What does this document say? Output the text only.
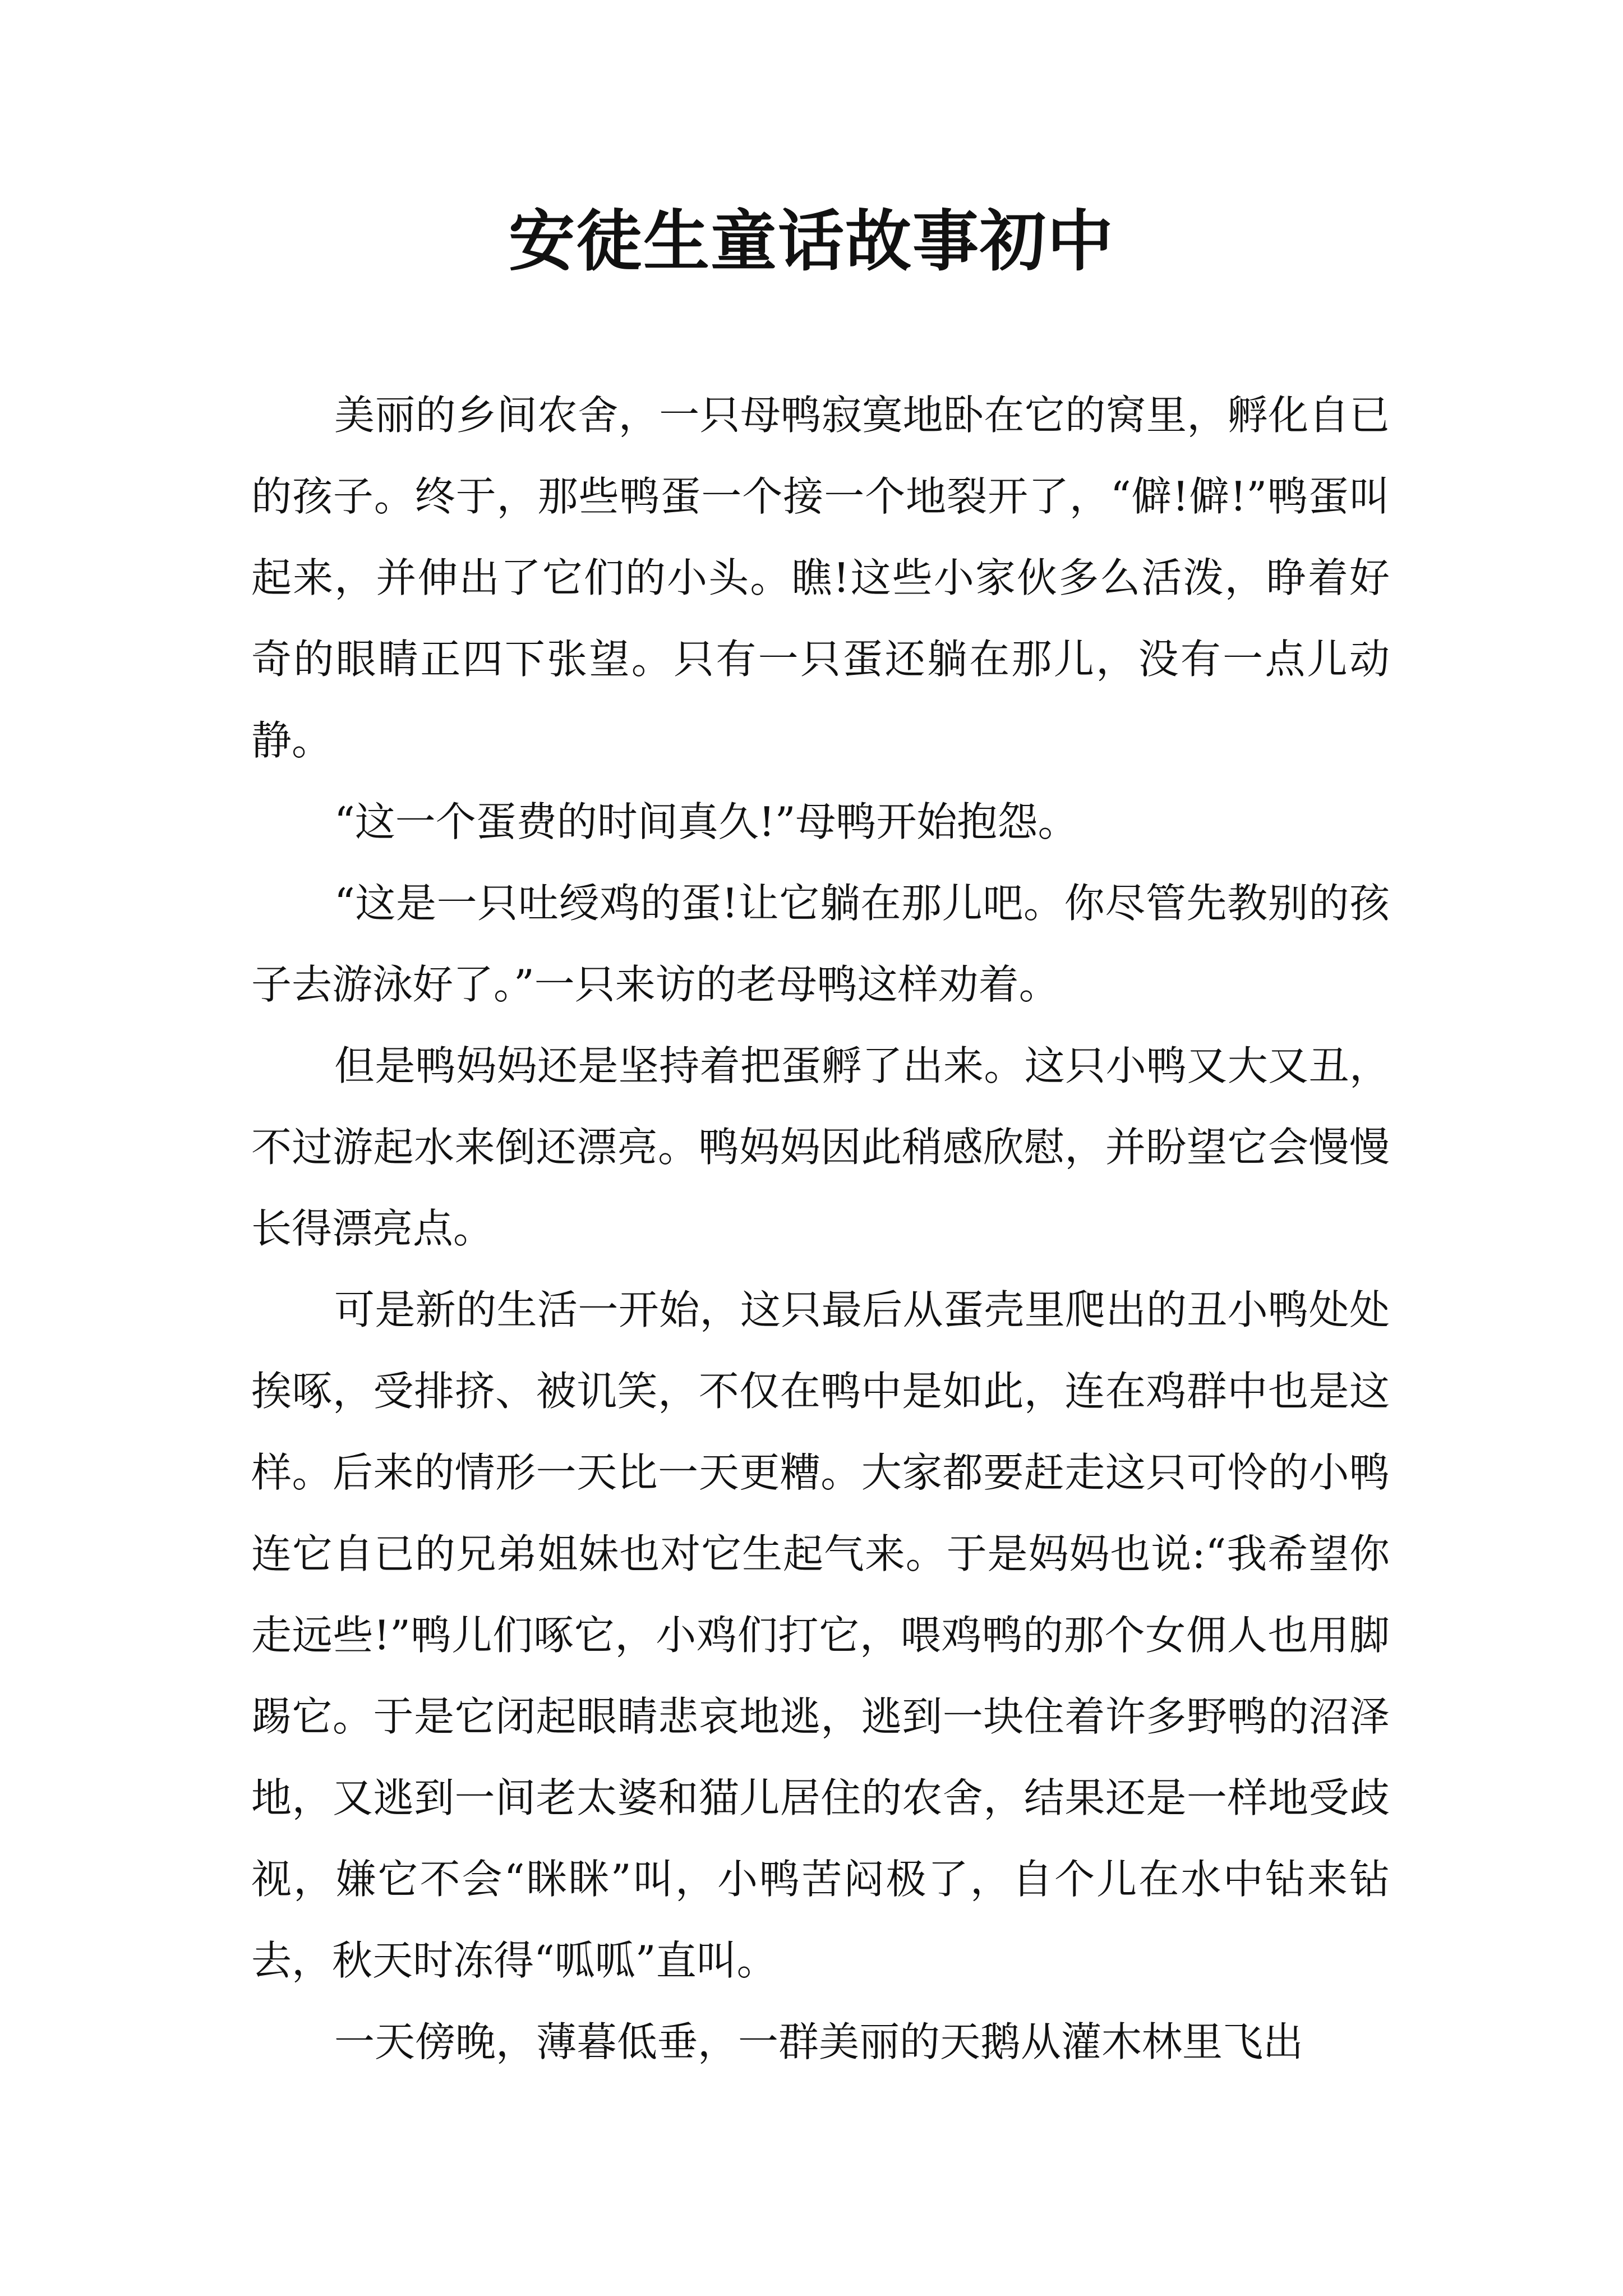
安徒生童话故事初中

美丽的乡间农舍，一只母鸭寂寞地卧在它的窝里，孵化自已的孩子。终于，那些鸭蛋一个接一个地裂开了，“僻!僻!”鸭蛋叫起来，并伸出了它们的小头。瞧!这些小家伙多么活泼，睁着好奇的眼睛正四下张望。只有一只蛋还躺在那儿，没有一点儿动静。

“这一个蛋费的时间真久!”母鸭开始抱怨。

“这是一只吐绶鸡的蛋!让它躺在那儿吧。你尽管先教别的孩子去游泳好了。”一只来访的老母鸭这样劝着。

但是鸭妈妈还是坚持着把蛋孵了出来。这只小鸭又大又丑，不过游起水来倒还漂亮。鸭妈妈因此稍感欣慰，并盼望它会慢慢长得漂亮点。

可是新的生活一开始，这只最后从蛋壳里爬出的丑小鸭处处挨啄，受排挤、被讥笑，不仅在鸭中是如此，连在鸡群中也是这样。后来的情形一天比一天更糟。大家都要赶走这只可怜的小鸭连它自已的兄弟姐妹也对它生起气来。于是妈妈也说:“我希望你走远些!”鸭儿们啄它，小鸡们打它，喂鸡鸭的那个女佣人也用脚踢它。于是它闭起眼睛悲哀地逃，逃到一块住着许多野鸭的沼泽地，又逃到一间老太婆和猫儿居住的农舍，结果还是一样地受歧视，嫌它不会“眯眯”叫，小鸭苦闷极了，自个儿在水中钻来钻去，秋天时冻得“呱呱”直叫。

一天傍晚，薄暮低垂，一群美丽的天鹅从灌木林里飞出
